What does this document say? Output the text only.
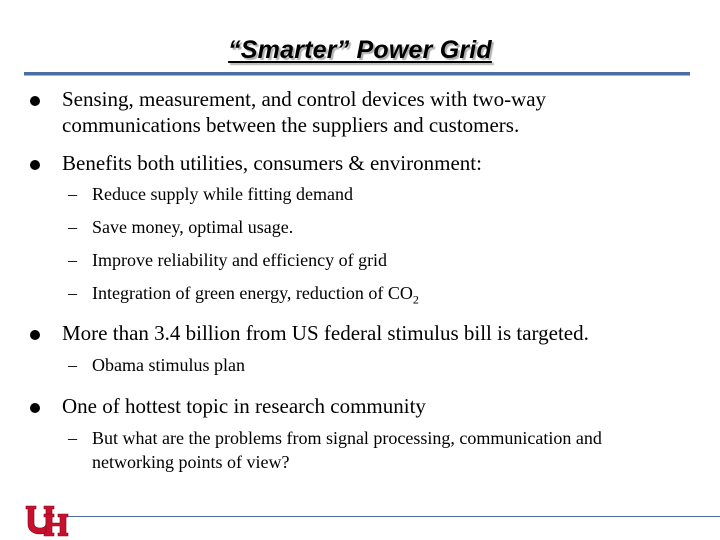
“Smarter” Power Grid
Sensing, measurement, and control devices with two-way communications between the suppliers and customers.
Benefits both utilities, consumers & environment:
– Reduce supply while fitting demand
– Save money, optimal usage.
– Improve reliability and efficiency of grid
– Integration of green energy, reduction of $CO_2$
More than 3.4 billion from US federal stimulus bill is targeted.
– Obama stimulus plan
One of hottest topic in research community
– But what are the problems from signal processing, communication and networking points of view?
